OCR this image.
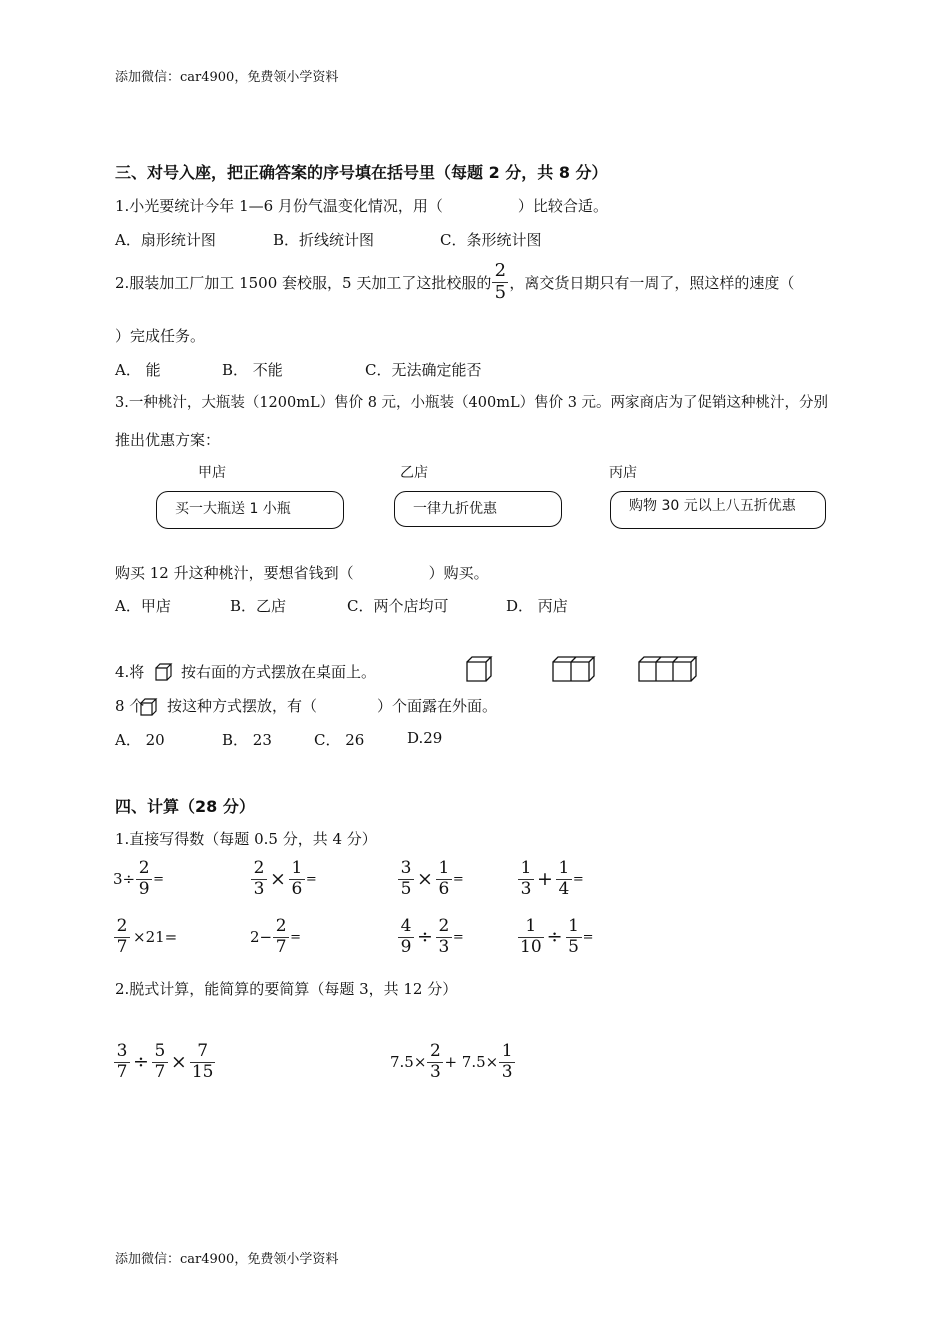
添加微信：car4900，免费领小学资料
三、对号入座，把正确答案的序号填在括号里（每题 2 分，共 8 分）
1.小光要统计今年 1—6 月份气温变化情况，用（　　　　　）比较合适。
A．扇形统计图	B．折线统计图	C．条形统计图
2.服装加工厂加工 1500 套校服，5 天加工了这批校服的 $\frac{2}{5}$ ，离交货日期只有一周了，照这样的速度（
）完成任务。
A． 能	B． 不能	C．无法确定能否
3.一种桃汁，大瓶装（1200mL）售价 8 元，小瓶装（400mL）售价 3 元。两家商店为了促销这种桃汁，分别
推出优惠方案：
甲店	乙店	丙店
买一大瓶送 1 小瓶	一律九折优惠	购物 30 元以上八五折优惠
购买 12 升这种桃汁，要想省钱到（　　　　　）购买。
A．甲店	B．乙店	C．两个店均可	D． 丙店
4.将 按右面的方式摆放在桌面上。
8 个 按这种方式摆放，有（　　　　）个面露在外面。
A． 20	B． 23	C． 26	D.29
四、计算（28 分）
1.直接写得数（每题 0.5 分，共 4 分）
$3\div \frac{2}{9}$ =	$\frac{2}{3} \times \frac{1}{6}$ =	$\frac{3}{5} \times \frac{1}{6}$ =	$\frac{1}{3} + \frac{1}{4}$ =
$\frac{2}{7} \times 21=$	$2- \frac{2}{7}$ =	$\frac{4}{9} \div \frac{2}{3}$ =	$\frac{1}{10} \div \frac{1}{5}$ =
2.脱式计算，能简算的要简算（每题 3，共 12 分）
$\frac{3}{7} \div \frac{5}{7} \times \frac{7}{15}$	$7.5\times \frac{2}{3} + 7.5\times \frac{1}{3}$
添加微信：car4900，免费领小学资料
